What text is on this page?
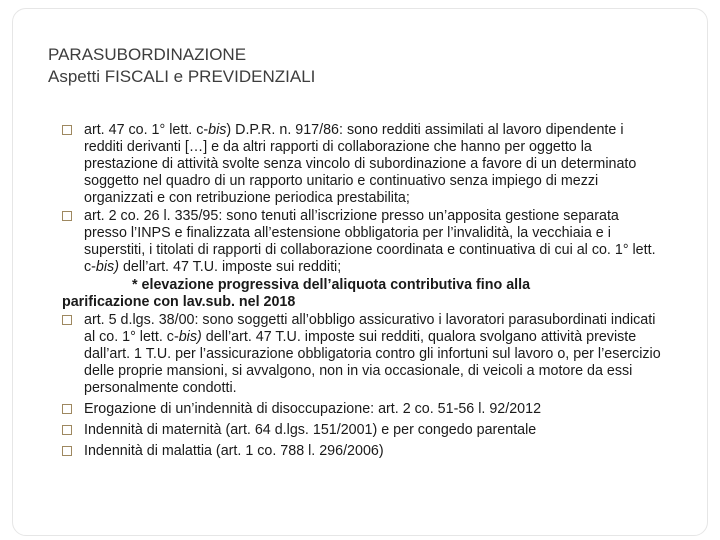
PARASUBORDINAZIONE
Aspetti FISCALI e PREVIDENZIALI
art. 47 co. 1° lett. c-bis) D.P.R. n. 917/86: sono redditi assimilati al lavoro dipendente i redditi derivanti […] e da altri rapporti di collaborazione che hanno per oggetto la prestazione di attività svolte senza vincolo di subordinazione a favore di un determinato soggetto nel quadro di un rapporto unitario e continuativo senza impiego di mezzi organizzati e con retribuzione periodica prestabilita;
art. 2 co. 26 l. 335/95: sono tenuti all’iscrizione presso un’apposita gestione separata presso l’INPS e finalizzata all’estensione obbligatoria per l’invalidità, la vecchiaia e i superstiti, i titolati di rapporti di collaborazione coordinata e continuativa di cui al co. 1° lett. c-bis) dell’art. 47 T.U. imposte sui redditi;
* elevazione progressiva dell’aliquota contributiva fino alla
parificazione con lav.sub. nel 2018
art. 5 d.lgs. 38/00: sono soggetti all’obbligo assicurativo i lavoratori parasubordinati indicati al co. 1° lett. c-bis) dell’art. 47 T.U. imposte sui redditi, qualora svolgano attività previste dall’art. 1 T.U. per l’assicurazione obbligatoria contro gli infortuni sul lavoro o, per l’esercizio delle proprie mansioni, si avvalgono, non in via occasionale, di veicoli a motore da essi personalmente condotti.
Erogazione di un’indennità di disoccupazione: art. 2 co. 51-56 l. 92/2012
Indennità di maternità (art. 64 d.lgs. 151/2001) e per congedo parentale
Indennità di malattia (art. 1 co. 788 l. 296/2006)
